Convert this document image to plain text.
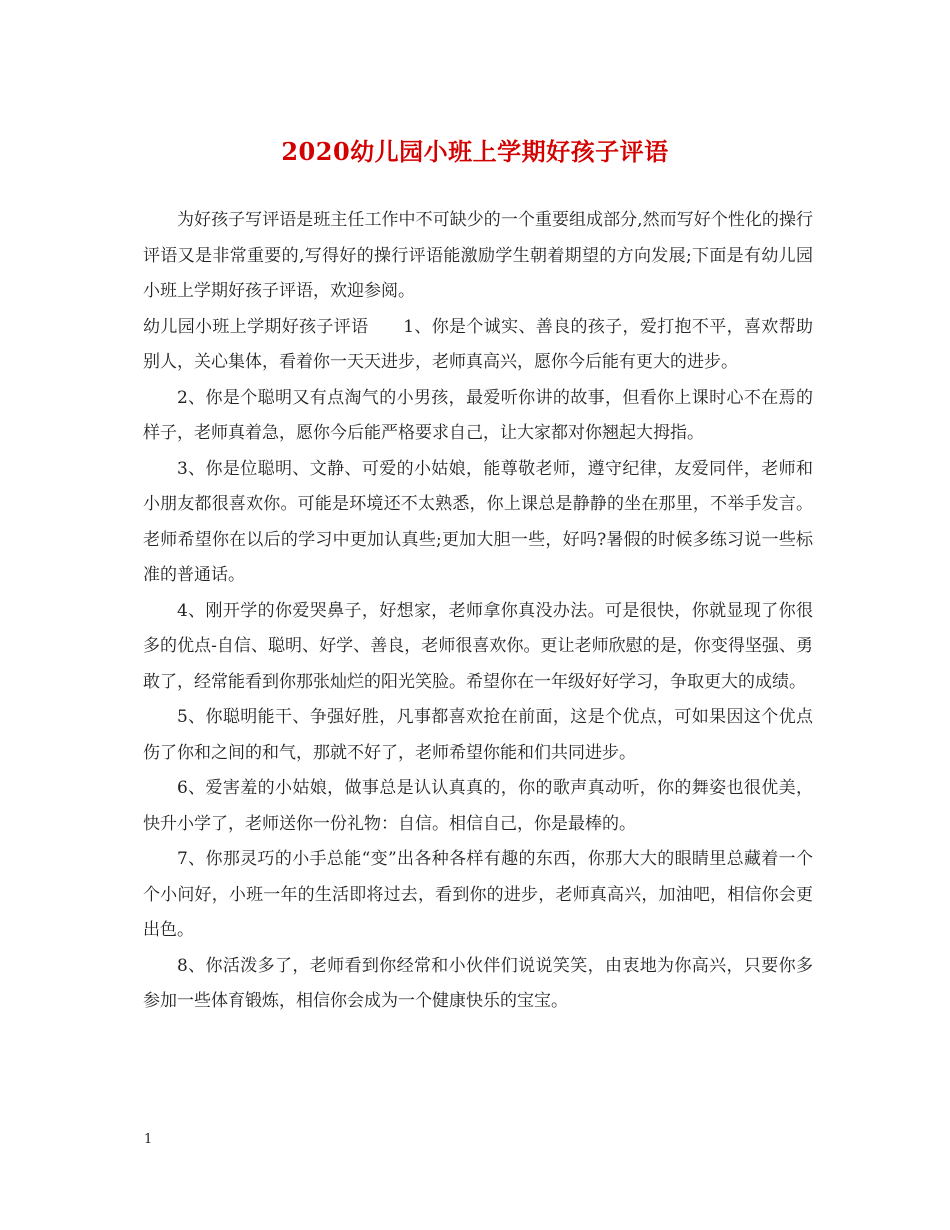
2020幼儿园小班上学期好孩子评语

为好孩子写评语是班主任工作中不可缺少的一个重要组成部分,然而写好个性化的操行评语又是非常重要的,写得好的操行评语能激励学生朝着期望的方向发展;下面是有幼儿园小班上学期好孩子评语，欢迎参阅。

幼儿园小班上学期好孩子评语　　1、你是个诚实、善良的孩子，爱打抱不平，喜欢帮助别人，关心集体，看着你一天天进步，老师真高兴，愿你今后能有更大的进步。

2、你是个聪明又有点淘气的小男孩，最爱听你讲的故事，但看你上课时心不在焉的样子，老师真着急，愿你今后能严格要求自己，让大家都对你翘起大拇指。

3、你是位聪明、文静、可爱的小姑娘，能尊敬老师，遵守纪律，友爱同伴，老师和小朋友都很喜欢你。可能是环境还不太熟悉，你上课总是静静的坐在那里，不举手发言。老师希望你在以后的学习中更加认真些;更加大胆一些，好吗?暑假的时候多练习说一些标准的普通话。

4、刚开学的你爱哭鼻子，好想家，老师拿你真没办法。可是很快，你就显现了你很多的优点-自信、聪明、好学、善良，老师很喜欢你。更让老师欣慰的是，你变得坚强、勇敢了，经常能看到你那张灿烂的阳光笑脸。希望你在一年级好好学习，争取更大的成绩。

5、你聪明能干、争强好胜，凡事都喜欢抢在前面，这是个优点，可如果因这个优点伤了你和之间的和气，那就不好了，老师希望你能和们共同进步。

6、爱害羞的小姑娘，做事总是认认真真的，你的歌声真动听，你的舞姿也很优美，快升小学了，老师送你一份礼物：自信。相信自己，你是最棒的。

7、你那灵巧的小手总能“变”出各种各样有趣的东西，你那大大的眼睛里总藏着一个个小问好，小班一年的生活即将过去，看到你的进步，老师真高兴，加油吧，相信你会更出色。

8、你活泼多了，老师看到你经常和小伙伴们说说笑笑，由衷地为你高兴，只要你多参加一些体育锻炼，相信你会成为一个健康快乐的宝宝。

1
